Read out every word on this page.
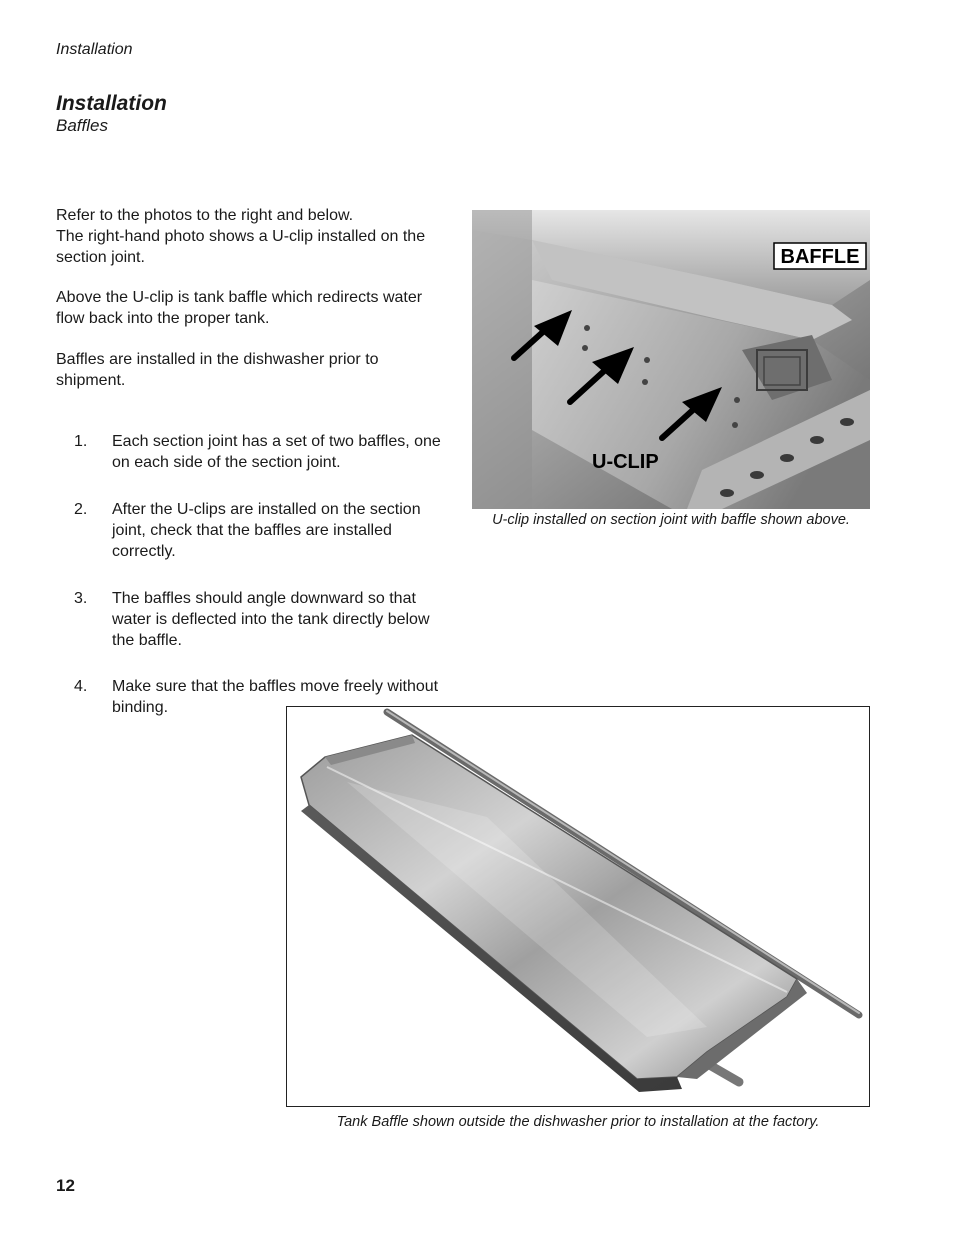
Installation
Installation
Baffles
Refer to the photos to the right and below.
The right-hand photo shows a U-clip installed on the section joint.
Above the U-clip is tank baffle which redirects water flow back into the proper tank.
Baffles are installed in the dishwasher prior to shipment.
1. Each section joint has a set of two baffles, one on each side of the section joint.
2. After the U-clips are installed on the section joint, check that the baffles are installed correctly.
3. The baffles should angle downward so that water is deflected into the tank directly below the baffle.
4. Make sure that the baffles move freely without binding.
BAFFLE
U-CLIP
U-clip installed on section joint with baffle shown above.
Tank Baffle shown outside the dishwasher prior to installation at the factory.
12
